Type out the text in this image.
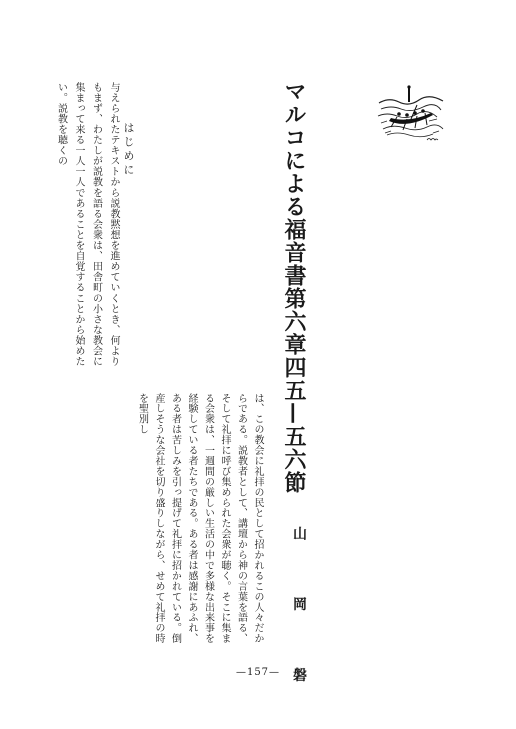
マルコによる福音書第六章四五—五六節
山 岡 磐
はじめに
与えられたテキストから説教黙想を進めていくとき、何よりもまず、わたしが説教を語る会衆は、田舎町の小さな教会に集まって来る一人一人であることを自覚することから始めたい。説教を聴くの
は、この教会に礼拝の民として招かれるこの人々だからである。説教者として、講壇から神の言葉を語る、そして礼拝に呼び集められた会衆が聴く。そこに集まる会衆は、一週間の厳しい生活の中で多様な出来事を経験している者たちである。ある者は感謝にあふれ、ある者は苦しみを引っ提げて礼拝に招かれている。倒産しそうな会社を切り盛りしながら、せめて礼拝の時を聖別し
—157—
